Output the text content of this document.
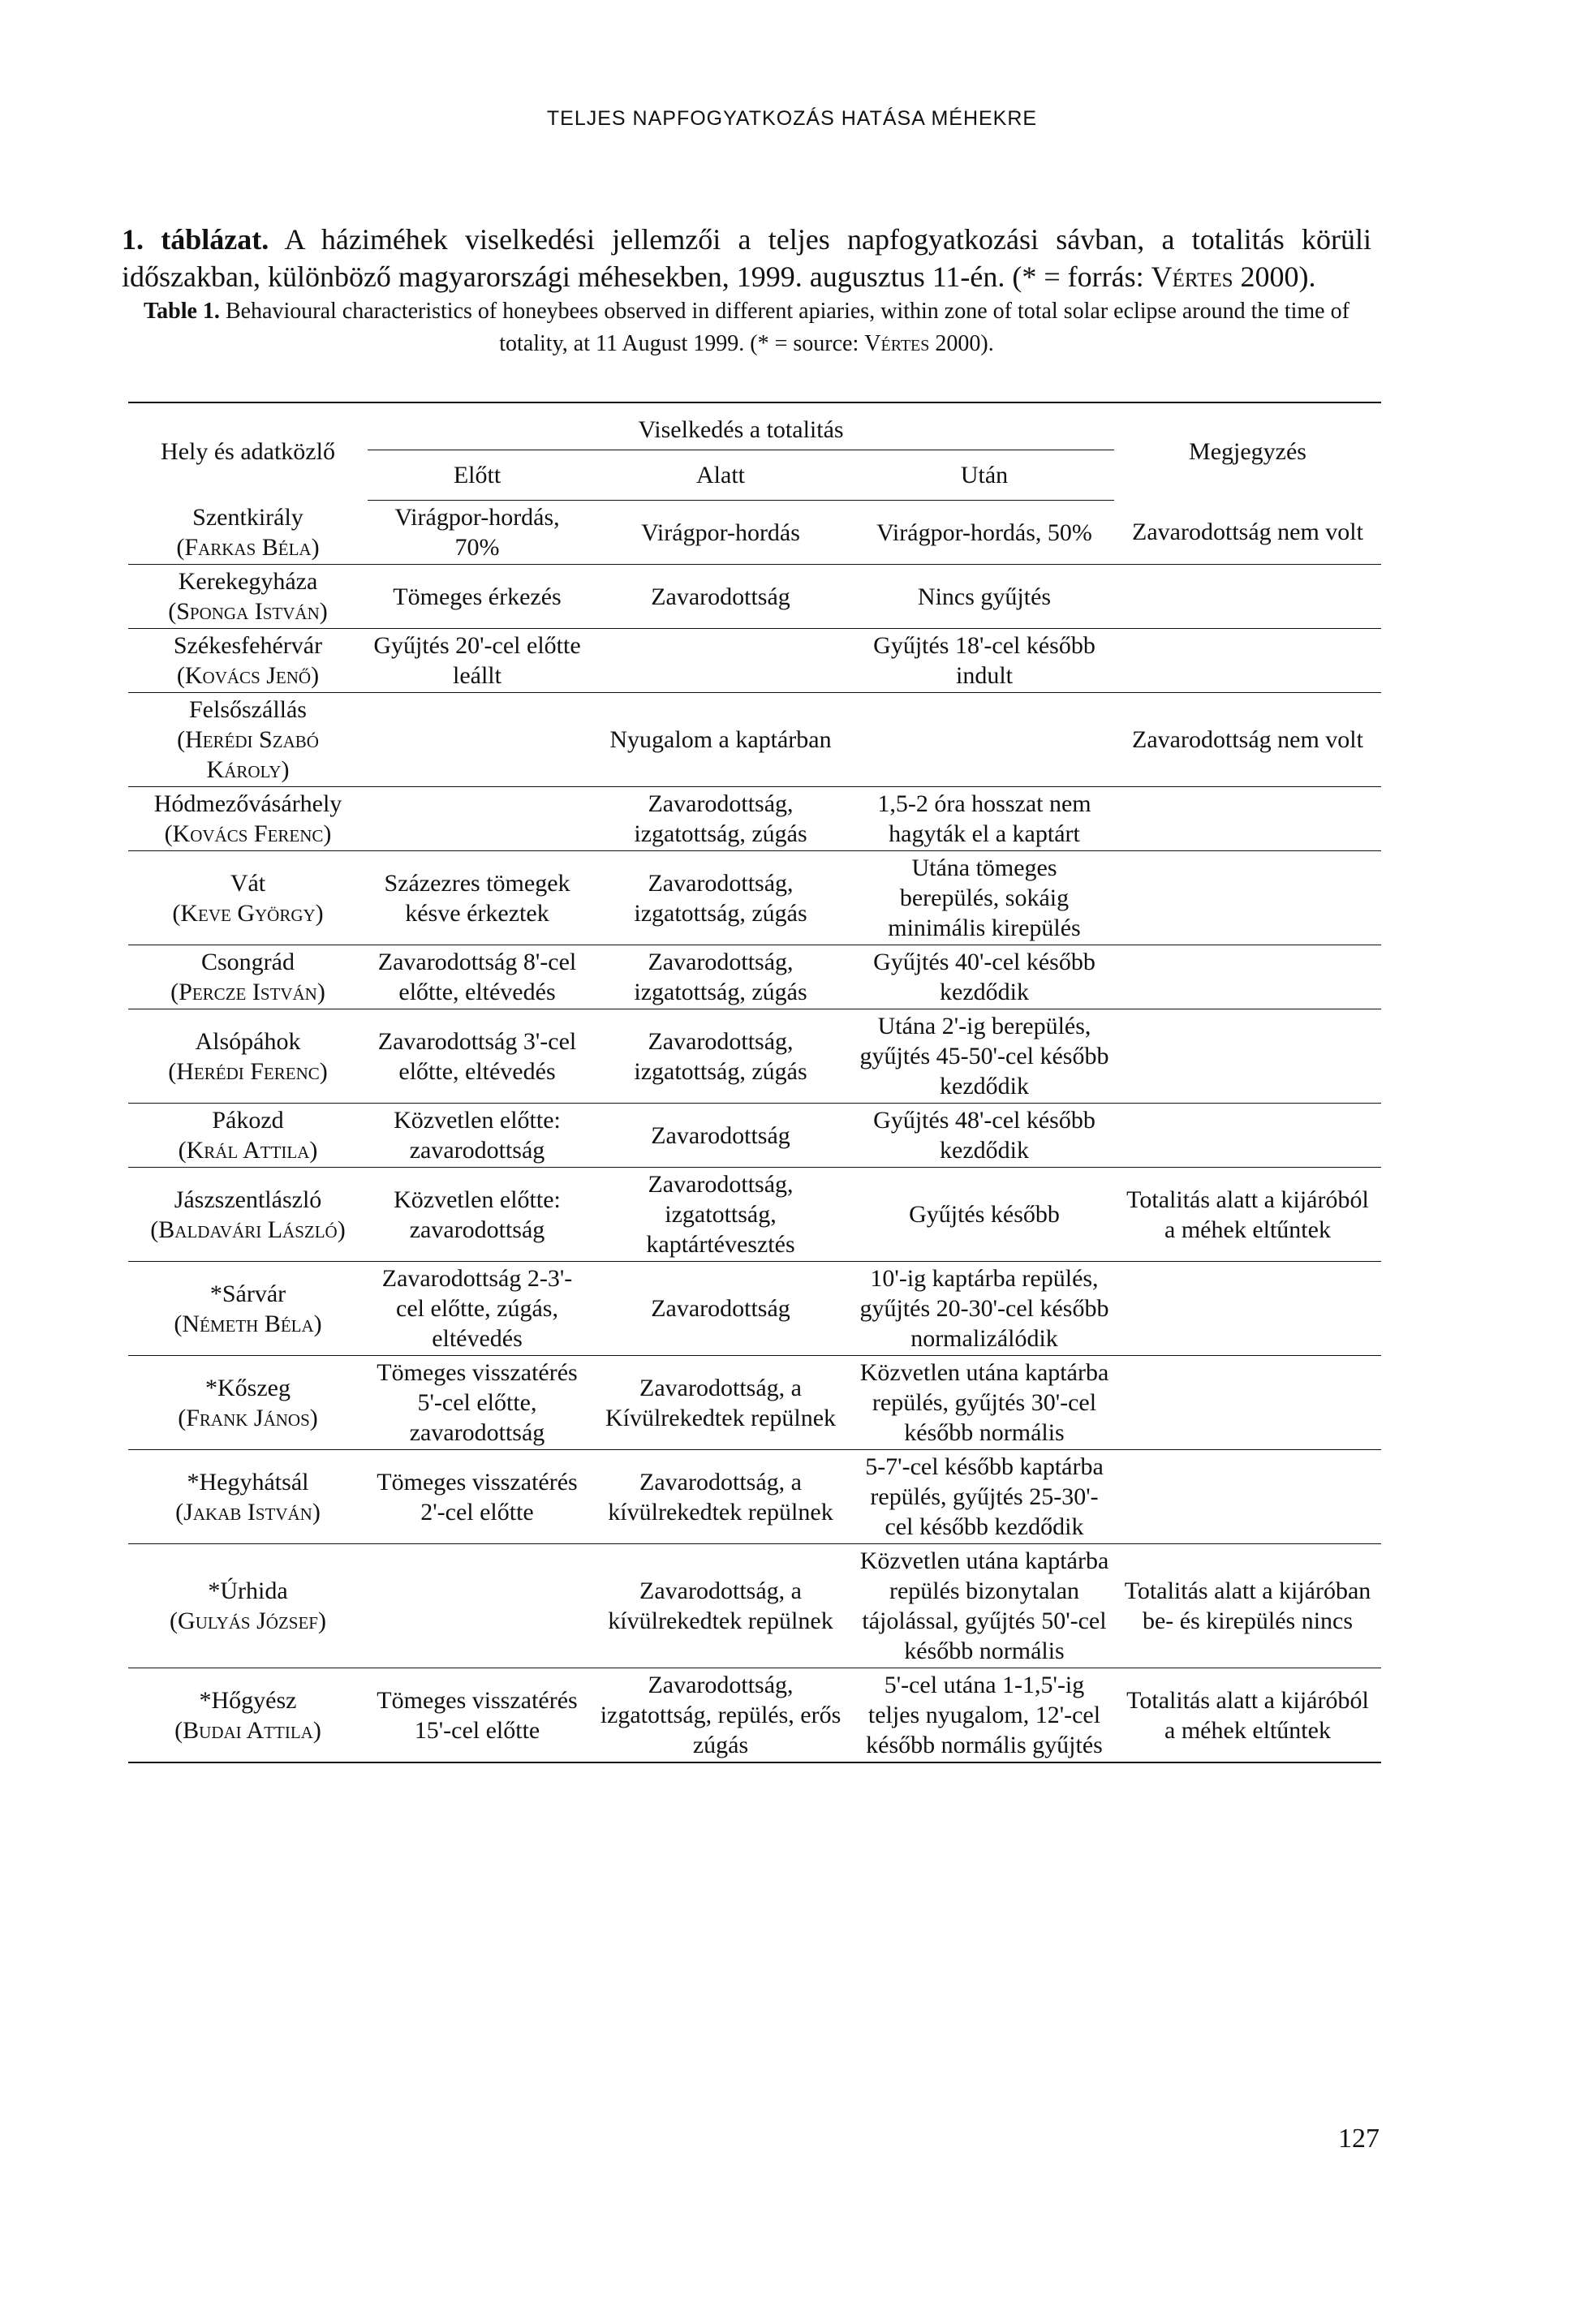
TELJES NAPFOGYATKOZÁS HATÁSA MÉHEKRE
1. táblázat. A háziméhek viselkedési jellemzői a teljes napfogyatkozási sávban, a totalitás körüli időszakban, különböző magyarországi méhesekben, 1999. augusztus 11-én. (* = forrás: Vértes 2000).
Table 1. Behavioural characteristics of honeybees observed in different apiaries, within zone of total solar eclipse around the time of totality, at 11 August 1999. (* = source: Vértes 2000).
Hely és adatközlő	Viselkedés a totalitás			Megjegyzés
	Előtt	Alatt	Után	

Szentkirály
(Farkas Béla)	Virágpor-hordás, 70%	Virágpor-hordás	Virágpor-hordás, 50%	Zavarodottság nem volt

Kerekegyháza
(Sponga István)	Tömeges érkezés	Zavarodottság	Nincs gyűjtés	

Székesfehérvár
(Kovács Jenő)	Gyűjtés 20'-cel előtte leállt		Gyűjtés 18'-cel később indult	

Felsőszállás
(Herédi Szabó Károly)		Nyugalom a kaptárban		Zavarodottság nem volt

Hódmezővásárhely
(Kovács Ferenc)		Zavarodottság, izgatottság, zúgás	1,5-2 óra hosszat nem hagyták el a kaptárt	

Vát
(Keve György)	Százezres tömegek késve érkeztek	Zavarodottság, izgatottság, zúgás	Utána tömeges berepülés, sokáig minimális kirepülés	

Csongrád
(Percze István)	Zavarodottság 8'-cel előtte, eltévedés	Zavarodottság, izgatottság, zúgás	Gyűjtés 40'-cel később kezdődik	

Alsópáhok
(Herédi Ferenc)	Zavarodottság 3'-cel előtte, eltévedés	Zavarodottság, izgatottság, zúgás	Utána 2'-ig berepülés, gyűjtés 45-50'-cel később kezdődik	

Pákozd
(Král Attila)	Közvetlen előtte: zavarodottság	Zavarodottság	Gyűjtés 48'-cel később kezdődik	

Jászszentlászló
(Baldavári László)	Közvetlen előtte: zavarodottság	Zavarodottság, izgatottság, kaptártévesztés	Gyűjtés később	Totalitás alatt a kijáróból a méhek eltűntek

*Sárvár
(Németh Béla)	Zavarodottság 2-3'-cel előtte, zúgás, eltévedés	Zavarodottság	10'-ig kaptárba repülés, gyűjtés 20-30'-cel később normalizálódik	

*Kőszeg
(Frank János)	Tömeges visszatérés 5'-cel előtte, zavarodottság	Zavarodottság, a Kívülrekedtek repülnek	Közvetlen utána kaptárba repülés, gyűjtés 30'-cel később normális	

*Hegyhátsál
(Jakab István)	Tömeges visszatérés 2'-cel előtte	Zavarodottság, a kívülrekedtek repülnek	5-7'-cel később kaptárba repülés, gyűjtés 25-30'-cel később kezdődik	

*Úrhida
(Gulyás József)		Zavarodottság, a kívülrekedtek repülnek	Közvetlen utána kaptárba repülés bizonytalan tájolással, gyűjtés 50'-cel később normális	Totalitás alatt a kijáróban be- és kirepülés nincs

*Hőgyész
(Budai Attila)	Tömeges visszatérés 15'-cel előtte	Zavarodottság, izgatottság, repülés, erős zúgás	5'-cel utána 1-1,5'-ig teljes nyugalom, 12'-cel később normális gyűjtés	Totalitás alatt a kijáróból a méhek eltűntek
127
